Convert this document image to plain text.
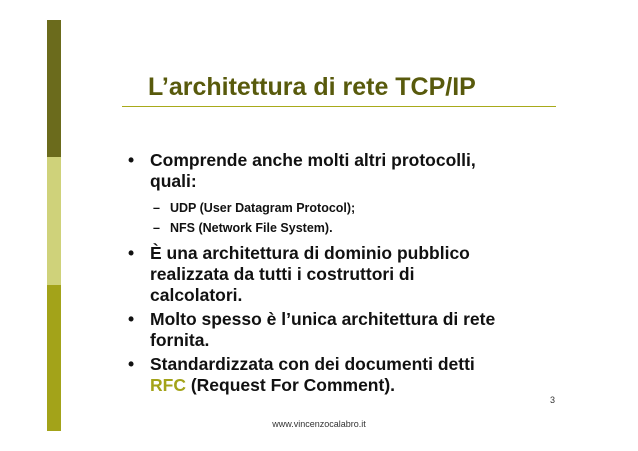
L’architettura di rete TCP/IP
• Comprende anche molti altri protocolli,
quali:
– UDP (User Datagram Protocol);
– NFS (Network File System).
• È una architettura di dominio pubblico
realizzata da tutti i costruttori di
calcolatori.
• Molto spesso è l’unica architettura di rete
fornita.
• Standardizzata con dei documenti detti
RFC (Request For Comment).
3
www.vincenzocalabro.it
